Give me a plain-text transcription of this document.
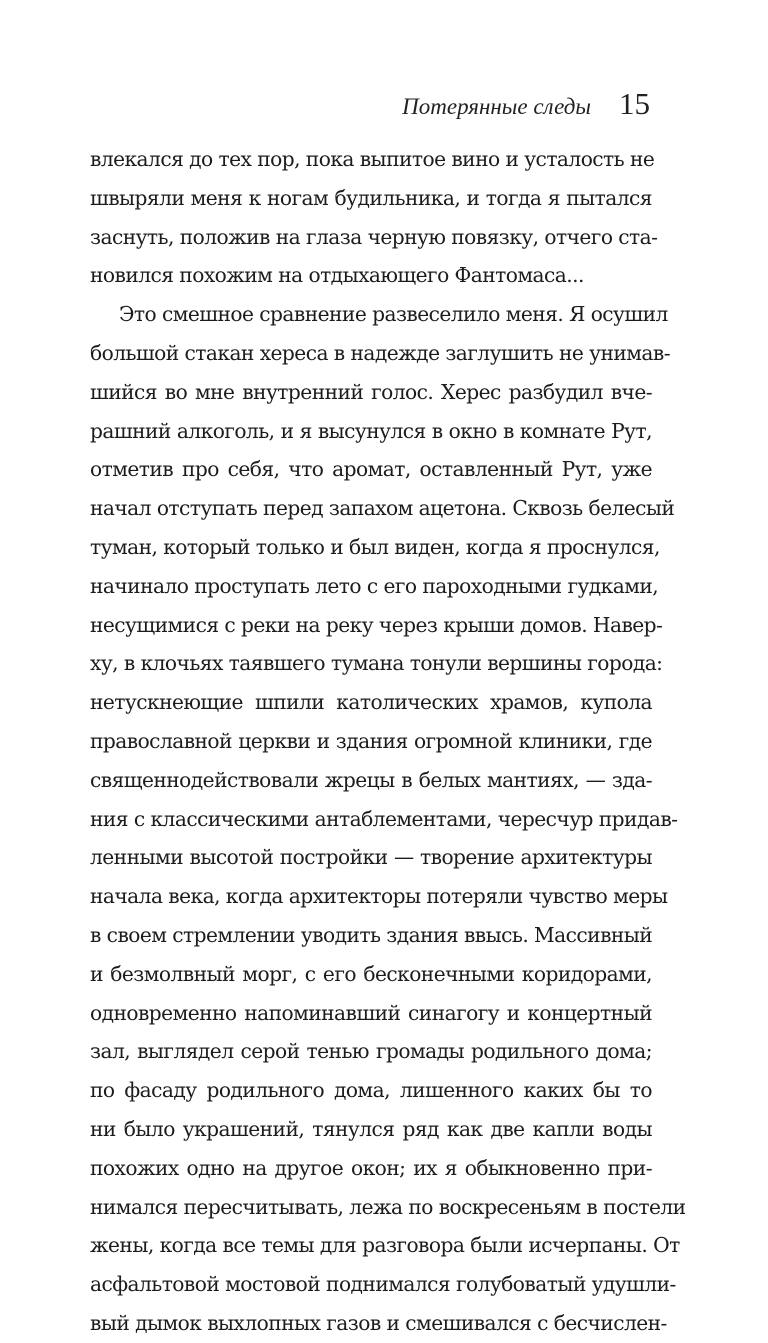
Потерянные следы 15
влекался до тех пор, пока выпитое вино и усталость не
швыряли меня к ногам будильника, и тогда я пытался
заснуть, положив на глаза черную повязку, отчего ста-
новился похожим на отдыхающего Фантомаса...
Это смешное сравнение развеселило меня. Я осушил
большой стакан хереса в надежде заглушить не унимав-
шийся во мне внутренний голос. Херес разбудил вче-
рашний алкоголь, и я высунулся в окно в комнате Рут,
отметив про себя, что аромат, оставленный Рут, уже
начал отступать перед запахом ацетона. Сквозь белесый
туман, который только и был виден, когда я проснулся,
начинало проступать лето с его пароходными гудками,
несущимися с реки на реку через крыши домов. Навер-
ху, в клочьях таявшего тумана тонули вершины города:
нетускнеющие шпили католических храмов, купола
православной церкви и здания огромной клиники, где
священнодействовали жрецы в белых мантиях, — зда-
ния с классическими антаблементами, чересчур придав-
ленными высотой постройки — творение архитектуры
начала века, когда архитекторы потеряли чувство меры
в своем стремлении уводить здания ввысь. Массивный
и безмолвный морг, с его бесконечными коридорами,
одновременно напоминавший синагогу и концертный
зал, выглядел серой тенью громады родильного дома;
по фасаду родильного дома, лишенного каких бы то
ни было украшений, тянулся ряд как две капли воды
похожих одно на другое окон; их я обыкновенно при-
нимался пересчитывать, лежа по воскресеньям в постели
жены, когда все темы для разговора были исчерпаны. От
асфальтовой мостовой поднимался голубоватый удушли-
вый дымок выхлопных газов и смешивался с бесчислен-
